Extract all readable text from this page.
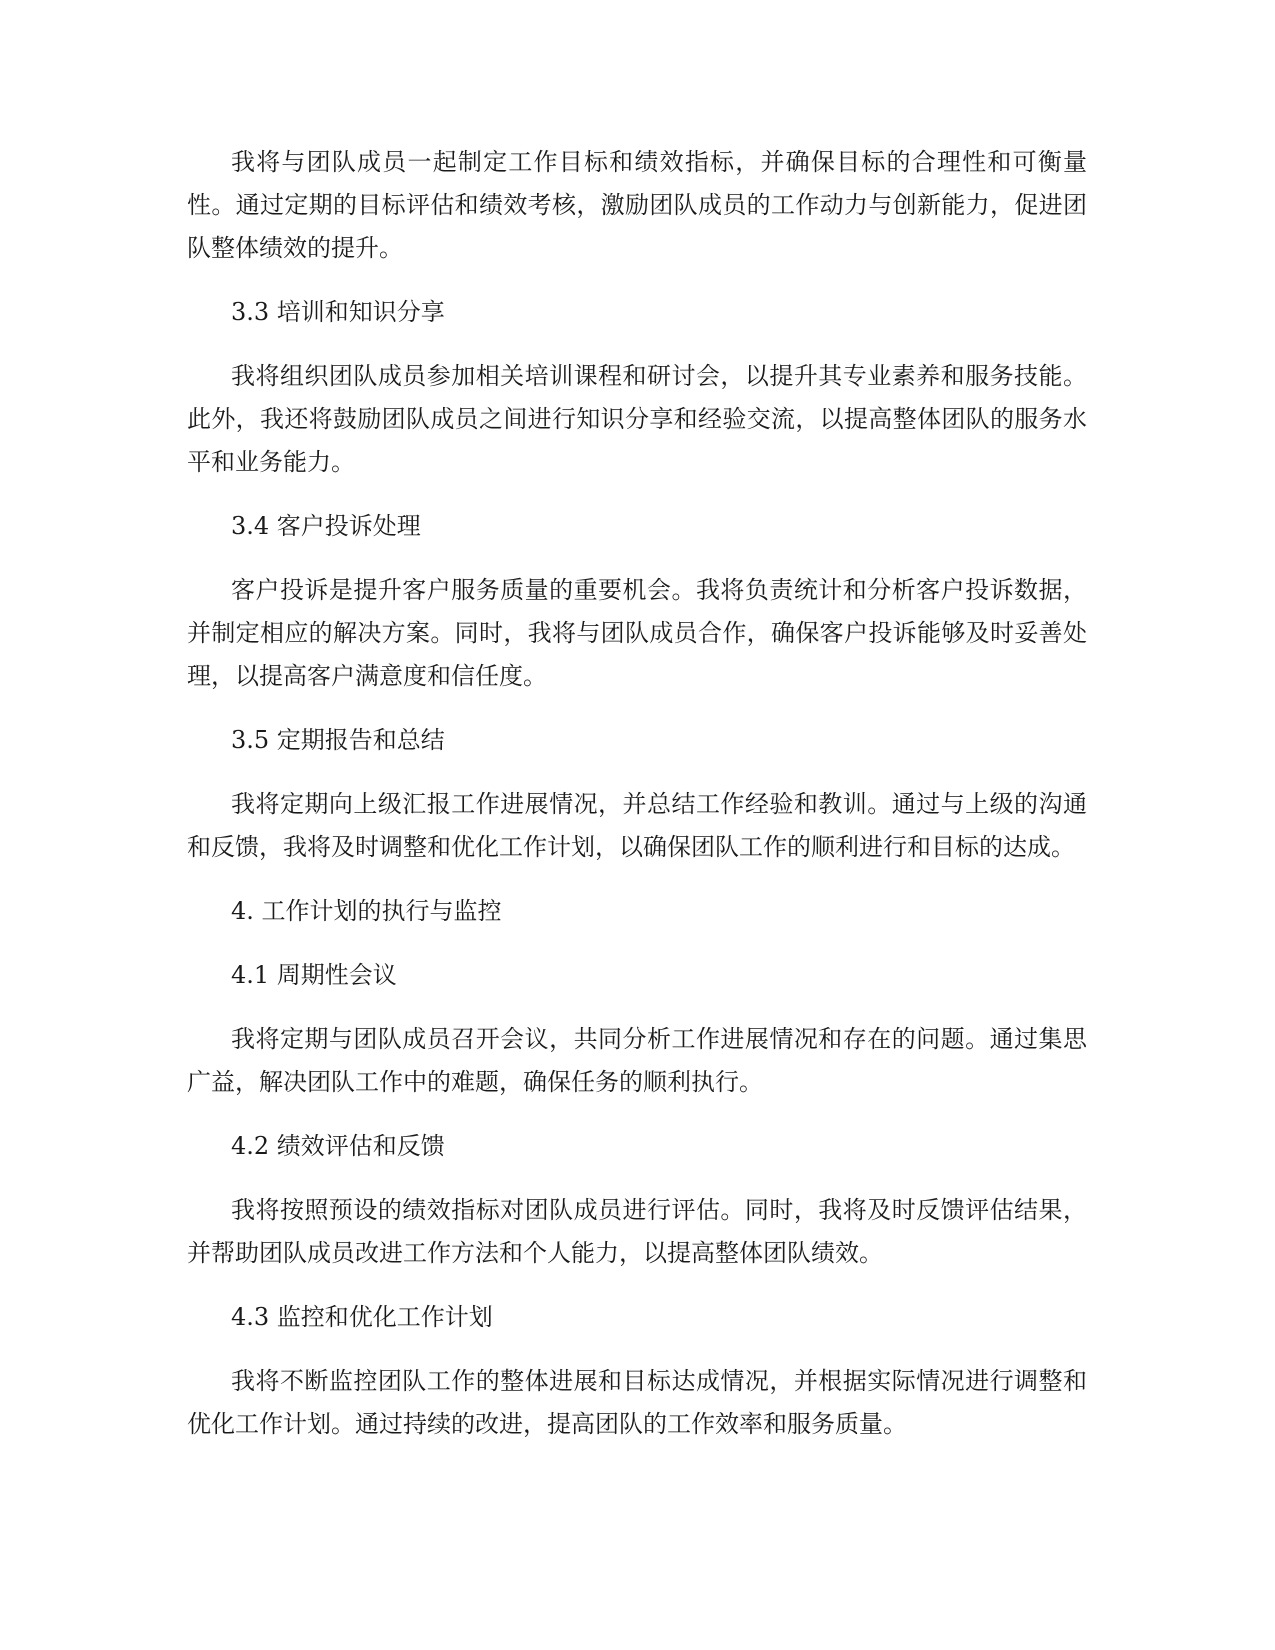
我将与团队成员一起制定工作目标和绩效指标，并确保目标的合理性和可衡量性。通过定期的目标评估和绩效考核，激励团队成员的工作动力与创新能力，促进团队整体绩效的提升。

3.3 培训和知识分享

我将组织团队成员参加相关培训课程和研讨会，以提升其专业素养和服务技能。此外，我还将鼓励团队成员之间进行知识分享和经验交流，以提高整体团队的服务水平和业务能力。

3.4 客户投诉处理

客户投诉是提升客户服务质量的重要机会。我将负责统计和分析客户投诉数据，并制定相应的解决方案。同时，我将与团队成员合作，确保客户投诉能够及时妥善处理，以提高客户满意度和信任度。

3.5 定期报告和总结

我将定期向上级汇报工作进展情况，并总结工作经验和教训。通过与上级的沟通和反馈，我将及时调整和优化工作计划，以确保团队工作的顺利进行和目标的达成。

4. 工作计划的执行与监控

4.1 周期性会议

我将定期与团队成员召开会议，共同分析工作进展情况和存在的问题。通过集思广益，解决团队工作中的难题，确保任务的顺利执行。

4.2 绩效评估和反馈

我将按照预设的绩效指标对团队成员进行评估。同时，我将及时反馈评估结果，并帮助团队成员改进工作方法和个人能力，以提高整体团队绩效。

4.3 监控和优化工作计划

我将不断监控团队工作的整体进展和目标达成情况，并根据实际情况进行调整和优化工作计划。通过持续的改进，提高团队的工作效率和服务质量。
